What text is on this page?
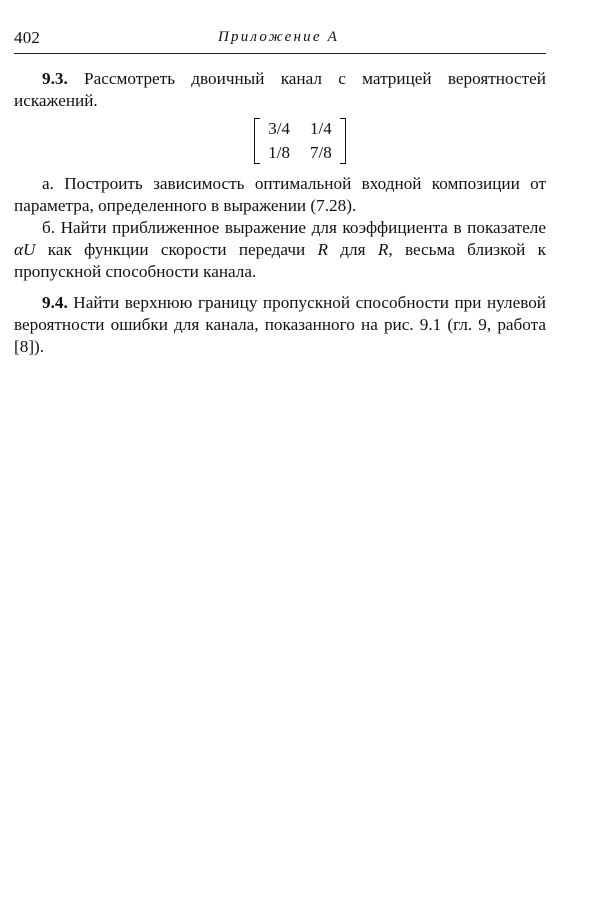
402	Приложение А

9.3. Рассмотреть двоичный канал с матрицей вероятностей искажений.

3/4	1/4
1/8	7/8

а. Построить зависимость оптимальной входной композиции от параметра, определенного в выражении (7.28).

б. Найти приближенное выражение для коэффициента в показателе αU как функции скорости передачи R для R, весьма близкой к пропускной способности канала.

9.4. Найти верхнюю границу пропускной способности при нулевой вероятности ошибки для канала, показанного на рис. 9.1 (гл. 9, работа [8]).
